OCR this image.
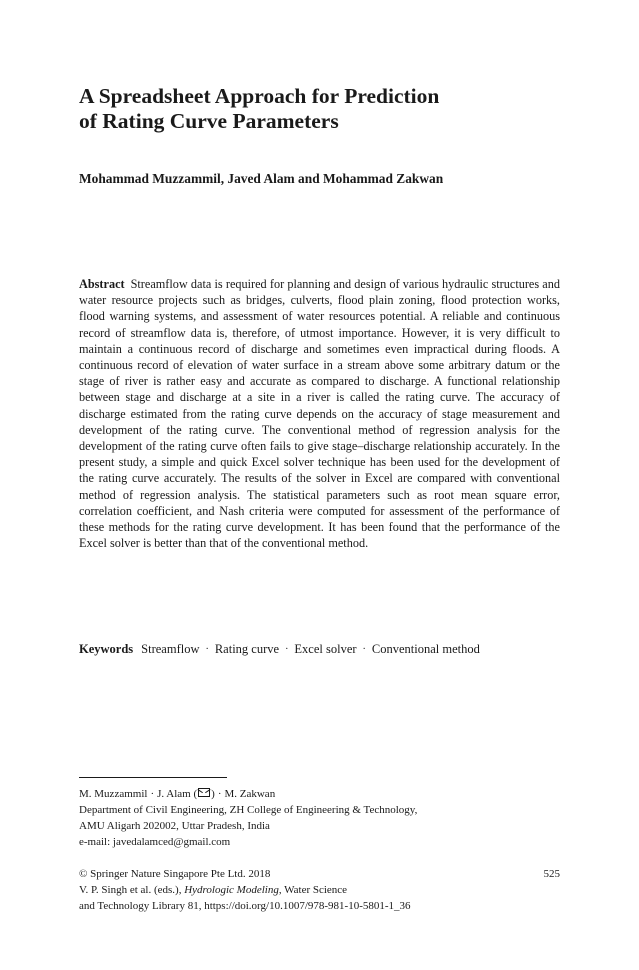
A Spreadsheet Approach for Prediction
of Rating Curve Parameters
Mohammad Muzzammil, Javed Alam and Mohammad Zakwan

Abstract Streamflow data is required for planning and design of various hydraulic structures and water resource projects such as bridges, culverts, flood plain zoning, flood protection works, flood warning systems, and assessment of water resources potential. A reliable and continuous record of streamflow data is, therefore, of utmost importance. However, it is very difficult to maintain a continuous record of discharge and sometimes even impractical during floods. A continuous record of elevation of water surface in a stream above some arbitrary datum or the stage of river is rather easy and accurate as compared to discharge. A functional relationship between stage and discharge at a site in a river is called the rating curve. The accuracy of discharge estimated from the rating curve depends on the accuracy of stage measurement and development of the rating curve. The conventional method of regression analysis for the development of the rating curve often fails to give stage–discharge relationship accurately. In the present study, a simple and quick Excel solver technique has been used for the development of the rating curve accurately. The results of the solver in Excel are compared with conventional method of regression analysis. The statistical parameters such as root mean square error, correlation coefficient, and Nash criteria were computed for assessment of the performance of these methods for the rating curve development. It has been found that the performance of the Excel solver is better than that of the conventional method.

Keywords Streamflow · Rating curve · Excel solver · Conventional method
M. Muzzammil · J. Alam ( ) · M. Zakwan
Department of Civil Engineering, ZH College of Engineering & Technology,
AMU Aligarh 202002, Uttar Pradesh, India
e-mail: javedalamced@gmail.com
© Springer Nature Singapore Pte Ltd. 2018	525
V. P. Singh et al. (eds.), Hydrologic Modeling, Water Science
and Technology Library 81, https://doi.org/10.1007/978-981-10-5801-1_36
